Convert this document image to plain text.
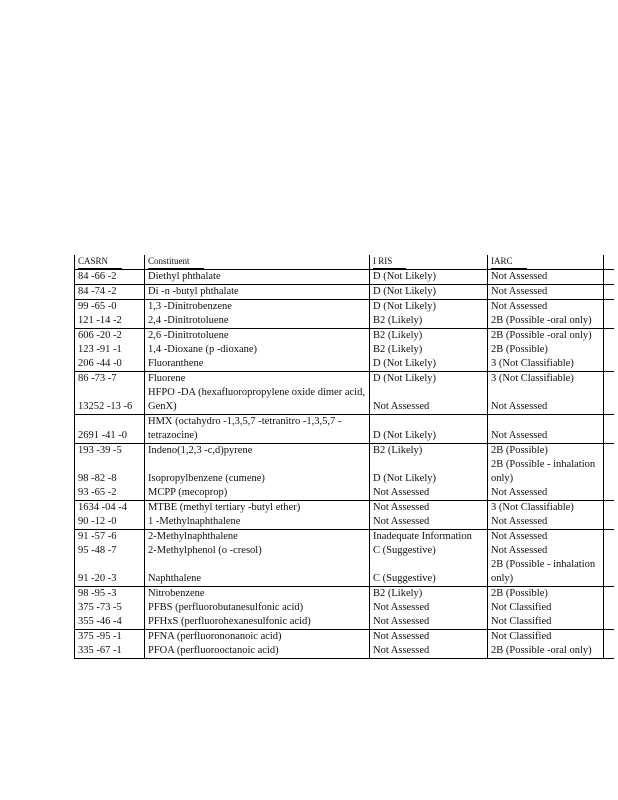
CASRN	Constituent	I RIS	IARC	
84 -66 -2	Diethyl phthalate	D (Not Likely)	Not Assessed	
84 -74 -2	Di -n -butyl phthalate	D (Not Likely)	Not Assessed	
99 -65 -0	1,3 -Dinitrobenzene	D (Not Likely)	Not Assessed	
121 -14 -2	2,4 -Dinitrotoluene	B2 (Likely)	2B (Possible -oral only)	
606 -20 -2	2,6 -Dinitrotoluene	B2 (Likely)	2B (Possible -oral only)	
123 -91 -1	1,4 -Dioxane (p -dioxane)	B2 (Likely)	2B (Possible)	
206 -44 -0	Fluoranthene	D (Not Likely)	3 (Not Classifiable)	
86 -73 -7	Fluorene	D (Not Likely)	3 (Not Classifiable)	
13252 -13 -6	HFPO -DA (hexafluoropropylene oxide dimer acid, GenX)	Not Assessed	Not Assessed	
2691 -41 -0	HMX (octahydro -1,3,5,7 -tetranitro -1,3,5,7 - tetrazocine)	D (Not Likely)	Not Assessed	
193 -39 -5	Indeno(1,2,3 -c,d)pyrene	B2 (Likely)	2B (Possible)	
98 -82 -8	Isopropylbenzene (cumene)	D (Not Likely)	2B (Possible - inhalation only)	
93 -65 -2	MCPP (mecoprop)	Not Assessed	Not Assessed	
1634 -04 -4	MTBE (methyl tertiary -butyl ether)	Not Assessed	3 (Not Classifiable)	
90 -12 -0	1 -Methylnaphthalene	Not Assessed	Not Assessed	
91 -57 -6	2-Methylnaphthalene	Inadequate Information	Not Assessed	
95 -48 -7	2-Methylphenol (o -cresol)	C (Suggestive)	Not Assessed	
91 -20 -3	Naphthalene	C (Suggestive)	2B (Possible - inhalation only)	
98 -95 -3	Nitrobenzene	B2 (Likely)	2B (Possible)	
375 -73 -5	PFBS (perfluorobutanesulfonic acid)	Not Assessed	Not Classified	
355 -46 -4	PFHxS (perfluorohexanesulfonic acid)	Not Assessed	Not Classified	
375 -95 -1	PFNA (perfluorononanoic acid)	Not Assessed	Not Classified	
335 -67 -1	PFOA (perfluorooctanoic acid)	Not Assessed	2B (Possible -oral only)	
